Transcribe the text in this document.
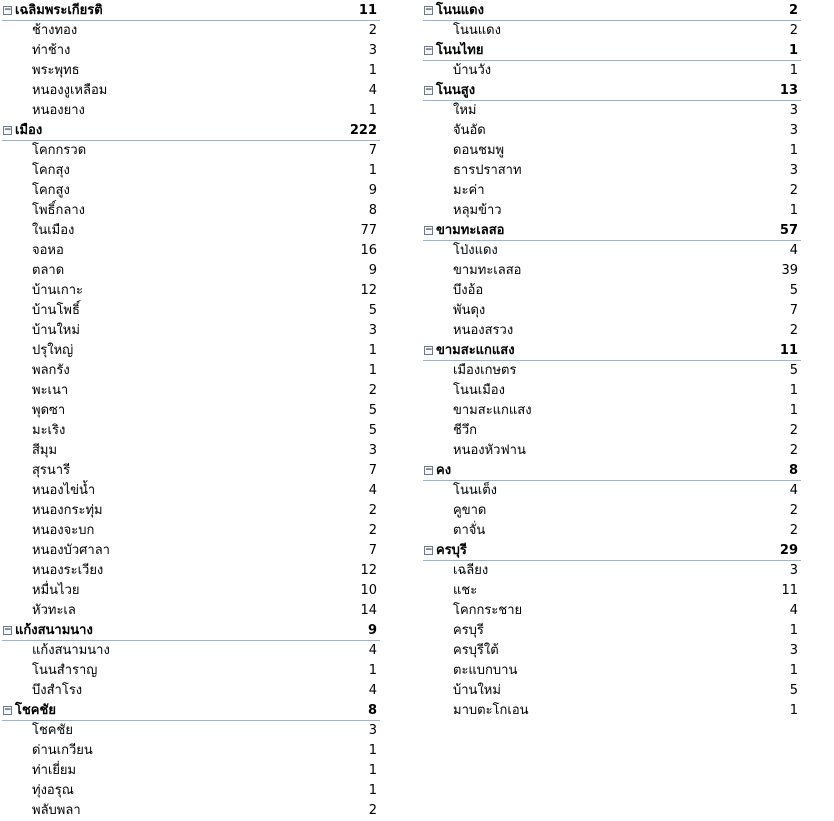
− เฉลิมพระเกียรติ	11
ช้างทอง	2
ท่าช้าง	3
พระพุทธ	1
หนองงูเหลือม	4
หนองยาง	1
− เมือง	222
โคกกรวด	7
โคกสุง	1
โคกสูง	9
โพธิ์กลาง	8
ในเมือง	77
จอหอ	16
ตลาด	9
บ้านเกาะ	12
บ้านโพธิ์	5
บ้านใหม่	3
ปรุใหญ่	1
พลกรัง	1
พะเนา	2
พุดซา	5
มะเริง	5
สีมุม	3
สุรนารี	7
หนองไข่น้ำ	4
หนองกระทุ่ม	2
หนองจะบก	2
หนองบัวศาลา	7
หนองระเวียง	12
หมื่นไวย	10
หัวทะเล	14
− แก้งสนามนาง	9
แก้งสนามนาง	4
โนนสำราญ	1
บึงสำโรง	4
− โชคชัย	8
โชคชัย	3
ด่านเกวียน	1
ท่าเยี่ยม	1
ทุ่งอรุณ	1
พลับพลา	2
− โนนแดง	2
โนนแดง	2
− โนนไทย	1
บ้านวัง	1
− โนนสูง	13
ใหม่	3
จันอัด	3
ดอนชมพู	1
ธารปราสาท	3
มะค่า	2
หลุมข้าว	1
− ขามทะเลสอ	57
โป่งแดง	4
ขามทะเลสอ	39
บึงอ้อ	5
พันดุง	7
หนองสรวง	2
− ขามสะแกแสง	11
เมืองเกษตร	5
โนนเมือง	1
ขามสะแกแสง	1
ชีวึก	2
หนองหัวฟาน	2
− คง	8
โนนเต็ง	4
คูขาด	2
ตาจั่น	2
− ครบุรี	29
เฉลียง	3
แชะ	11
โคกกระชาย	4
ครบุรี	1
ครบุรีใต้	3
ตะแบกบาน	1
บ้านใหม่	5
มาบตะโกเอน	1
